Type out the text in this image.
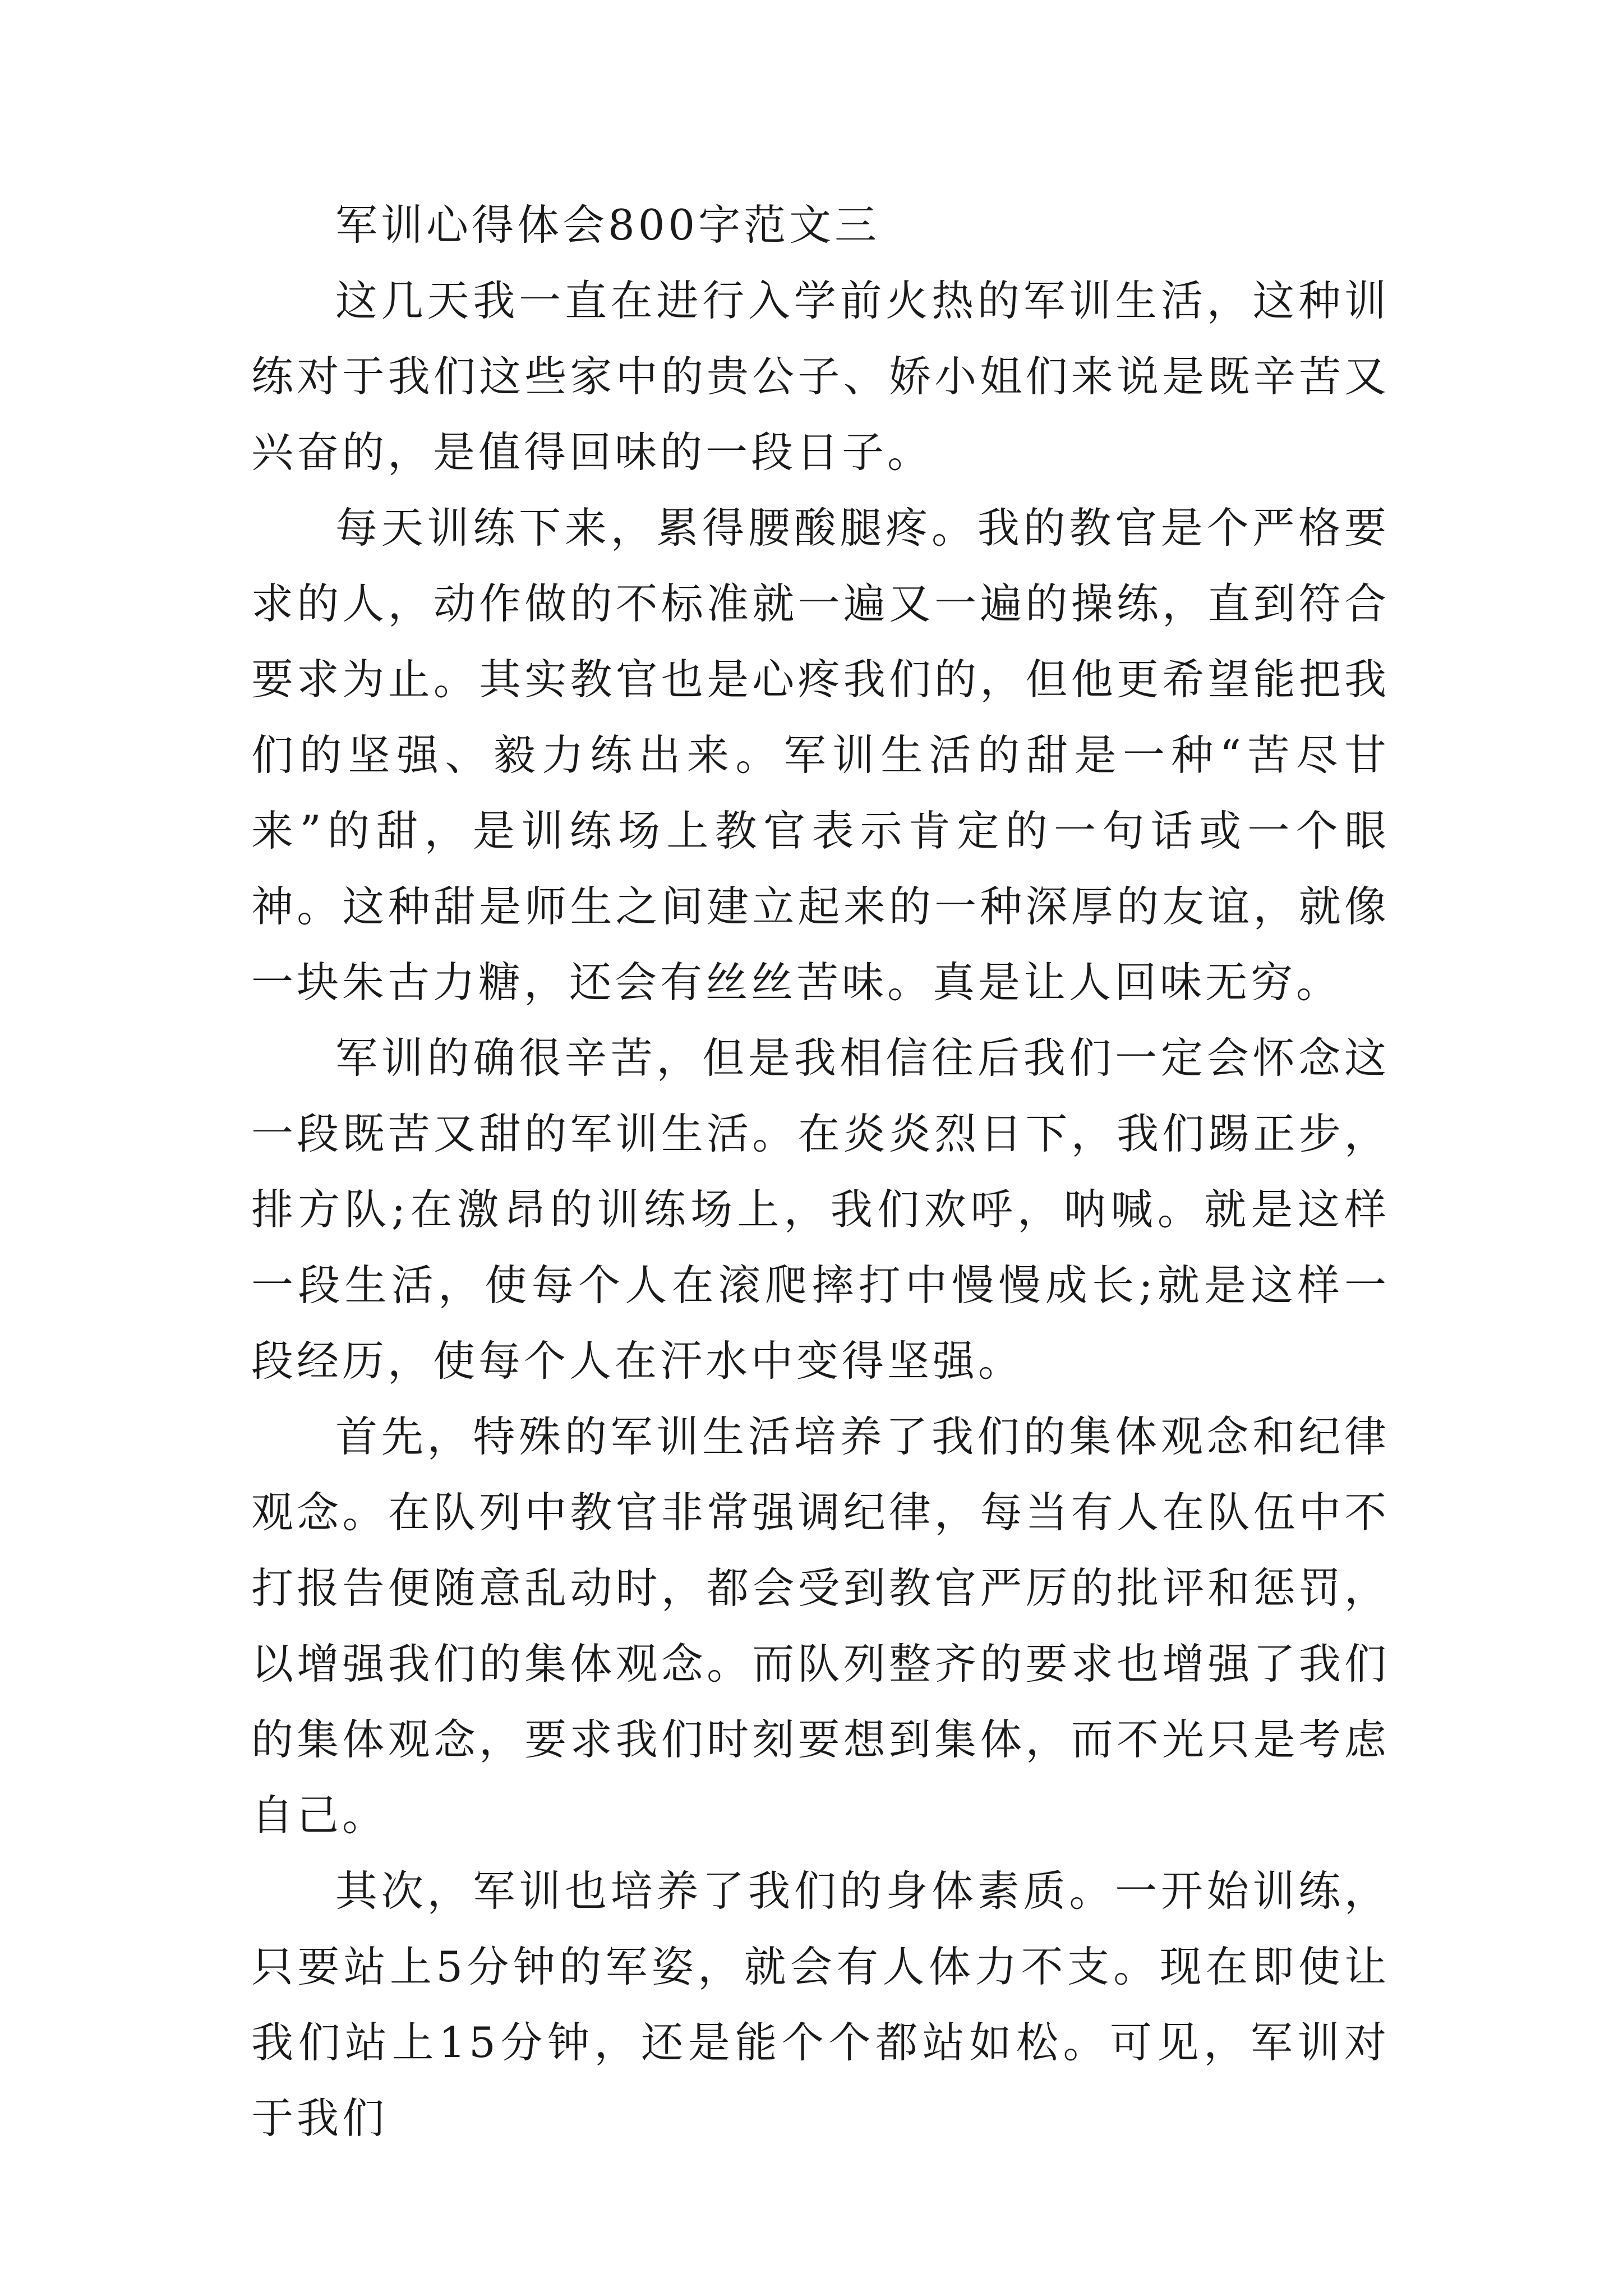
军训心得体会800字范文三

这几天我一直在进行入学前火热的军训生活，这种训练对于我们这些家中的贵公子、娇小姐们来说是既辛苦又兴奋的，是值得回味的一段日子。

每天训练下来，累得腰酸腿疼。我的教官是个严格要求的人，动作做的不标准就一遍又一遍的操练，直到符合要求为止。其实教官也是心疼我们的，但他更希望能把我们的坚强、毅力练出来。军训生活的甜是一种“苦尽甘来”的甜，是训练场上教官表示肯定的一句话或一个眼神。这种甜是师生之间建立起来的一种深厚的友谊，就像一块朱古力糖，还会有丝丝苦味。真是让人回味无穷。

军训的确很辛苦，但是我相信往后我们一定会怀念这一段既苦又甜的军训生活。在炎炎烈日下，我们踢正步，排方队;在激昂的训练场上，我们欢呼，呐喊。就是这样一段生活，使每个人在滚爬摔打中慢慢成长;就是这样一段经历，使每个人在汗水中变得坚强。

首先，特殊的军训生活培养了我们的集体观念和纪律观念。在队列中教官非常强调纪律，每当有人在队伍中不打报告便随意乱动时，都会受到教官严厉的批评和惩罚，以增强我们的集体观念。而队列整齐的要求也增强了我们的集体观念，要求我们时刻要想到集体，而不光只是考虑自己。

其次，军训也培养了我们的身体素质。一开始训练，只要站上5分钟的军姿，就会有人体力不支。现在即使让我们站上15分钟，还是能个个都站如松。可见，军训对于我们
